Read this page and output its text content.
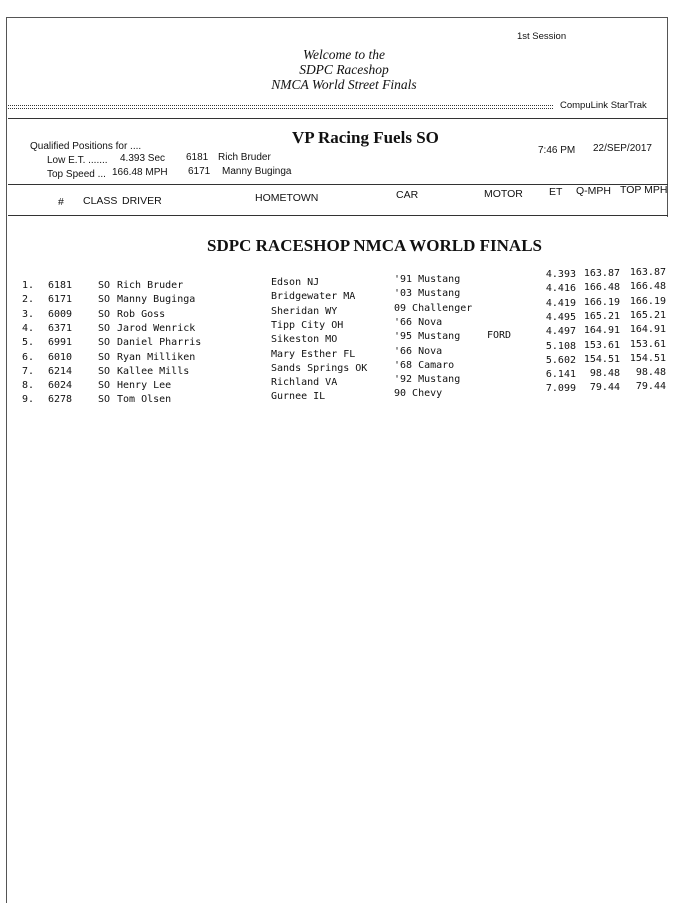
1st Session
Welcome to the
SDPC Raceshop
NMCA World Street Finals
CompuLink StarTrak
Qualified Positions for ....	VP Racing Fuels SO
Low E.T. ....... 4.393 Sec 6181 Rich Bruder
Top Speed ... 166.48 MPH 6171 Manny Buginga
7:46 PM 22/SEP/2017
# CLASS DRIVER	HOMETOWN	CAR	MOTOR ET Q-MPH TOP MPH
SDPC RACESHOP NMCA WORLD FINALS
1. 6181	SO Rich Bruder	Edson NJ	'91 Mustang	4.393 163.87 163.87
2. 6171	SO Manny Buginga	Bridgewater MA	'03 Mustang	4.416 166.48 166.48
3. 6009	SO Rob Goss	Sheridan WY	09 Challenger	4.419 166.19 166.19
4. 6371	SO Jarod Wenrick	Tipp City OH	'66 Nova	4.495 165.21 165.21
5. 6991	SO Daniel Pharris	Sikeston MO	'95 Mustang	FORD	4.497 164.91 164.91
6. 6010	SO Ryan Milliken	Mary Esther FL	'66 Nova	5.108 153.61 153.61
7. 6214	SO Kallee Mills	Sands Springs OK	'68 Camaro	5.602 154.51 154.51
8. 6024	SO Henry Lee	Richland VA	'92 Mustang	6.141	98.48	98.48
9. 6278	SO Tom Olsen	Gurnee IL	90 Chevy	7.099	79.44	79.44
